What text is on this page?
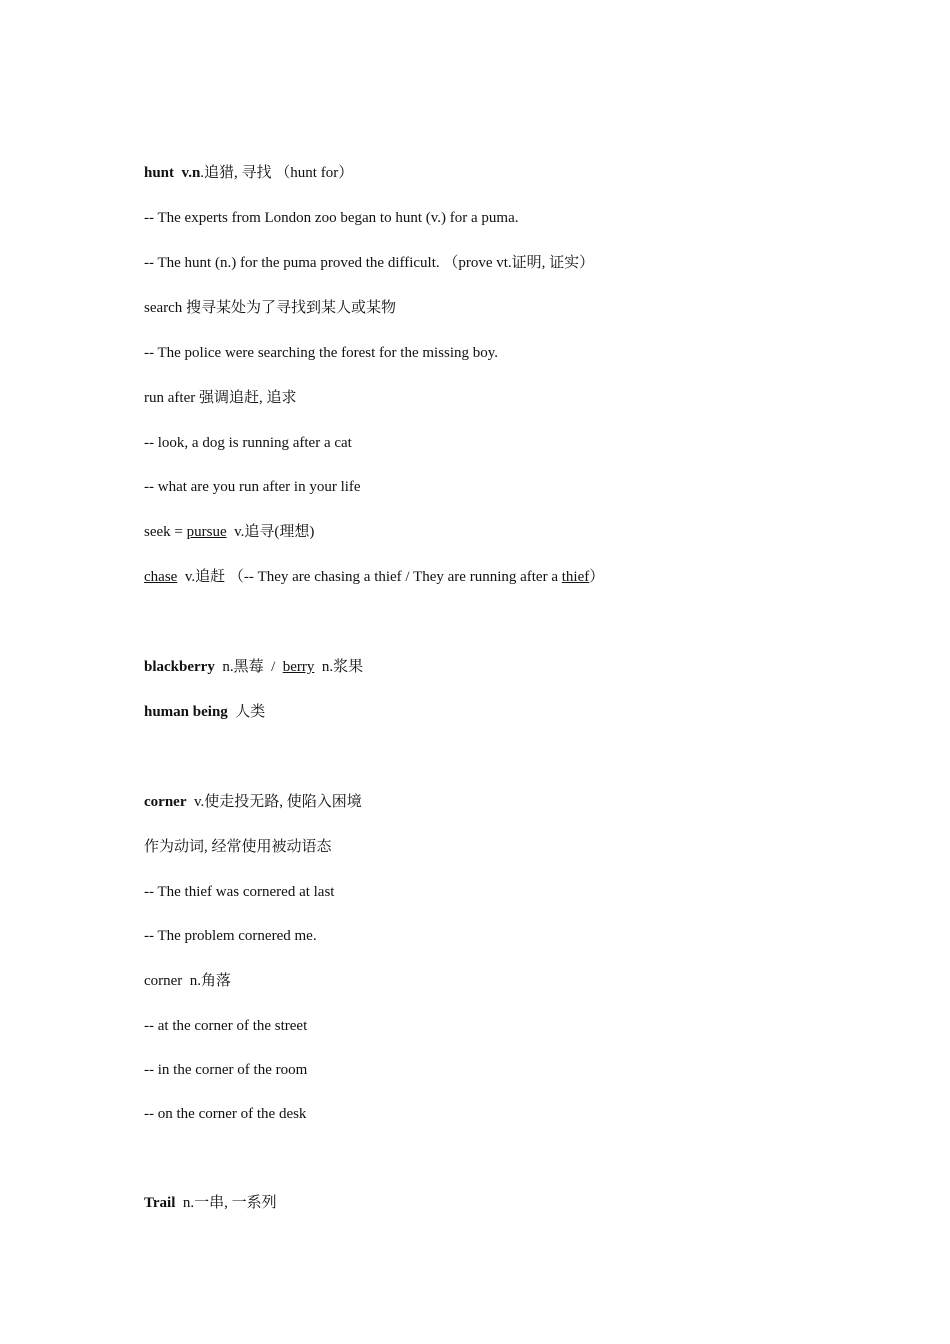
hunt v.n.追猎, 寻找 （hunt for）
-- The experts from London zoo began to hunt (v.) for a puma.
-- The hunt (n.) for the puma proved the difficult. （prove vt.证明, 证实）
search 搜寻某处为了寻找到某人或某物
-- The police were searching the forest for the missing boy.
run after 强调追赶, 追求
-- look, a dog is running after a cat
-- what are you run after in your life
seek = pursue  v.追寻(理想)
chase  v.追赶 （-- They are chasing a thief / They are running after a thief）
blackberry  n.黑莓  /  berry  n.浆果
human being  人类
corner  v.使走投无路, 使陷入困境
作为动词, 经常使用被动语态
-- The thief was cornered at last
-- The problem cornered me.
corner  n.角落
-- at the corner of the street
-- in the corner of the room
-- on the corner of the desk
Trail  n.一串, 一系列
